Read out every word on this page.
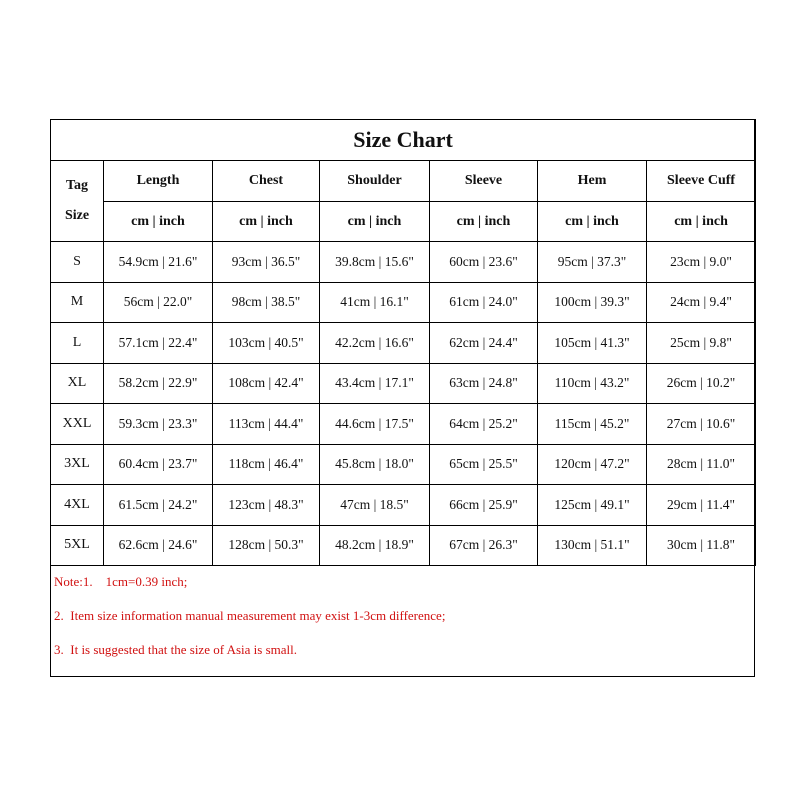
Size Chart						

Tag
Size	Length	Chest	Shoulder	Sleeve	Hem	Sleeve Cuff
	cm | inch	cm | inch	cm | inch	cm | inch	cm | inch	cm | inch
S	54.9cm | 21.6"	93cm | 36.5"	39.8cm | 15.6"	60cm | 23.6"	95cm | 37.3"	23cm | 9.0"
M	56cm | 22.0"	98cm | 38.5"	41cm | 16.1"	61cm | 24.0"	100cm | 39.3"	24cm | 9.4"
L	57.1cm | 22.4"	103cm | 40.5"	42.2cm | 16.6"	62cm | 24.4"	105cm | 41.3"	25cm | 9.8"
XL	58.2cm | 22.9"	108cm | 42.4"	43.4cm | 17.1"	63cm | 24.8"	110cm | 43.2"	26cm | 10.2"
XXL	59.3cm | 23.3"	113cm | 44.4"	44.6cm | 17.5"	64cm | 25.2"	115cm | 45.2"	27cm | 10.6"
3XL	60.4cm | 23.7"	118cm | 46.4"	45.8cm | 18.0"	65cm | 25.5"	120cm | 47.2"	28cm | 11.0"
4XL	61.5cm | 24.2"	123cm | 48.3"	47cm | 18.5"	66cm | 25.9"	125cm | 49.1"	29cm | 11.4"
5XL	62.6cm | 24.6"	128cm | 50.3"	48.2cm | 18.9"	67cm | 26.3"	130cm | 51.1"	30cm | 11.8"
Note:1.    1cm=0.39 inch;
2.  Item size information manual measurement may exist 1-3cm difference;
3.  It is suggested that the size of Asia is small.
